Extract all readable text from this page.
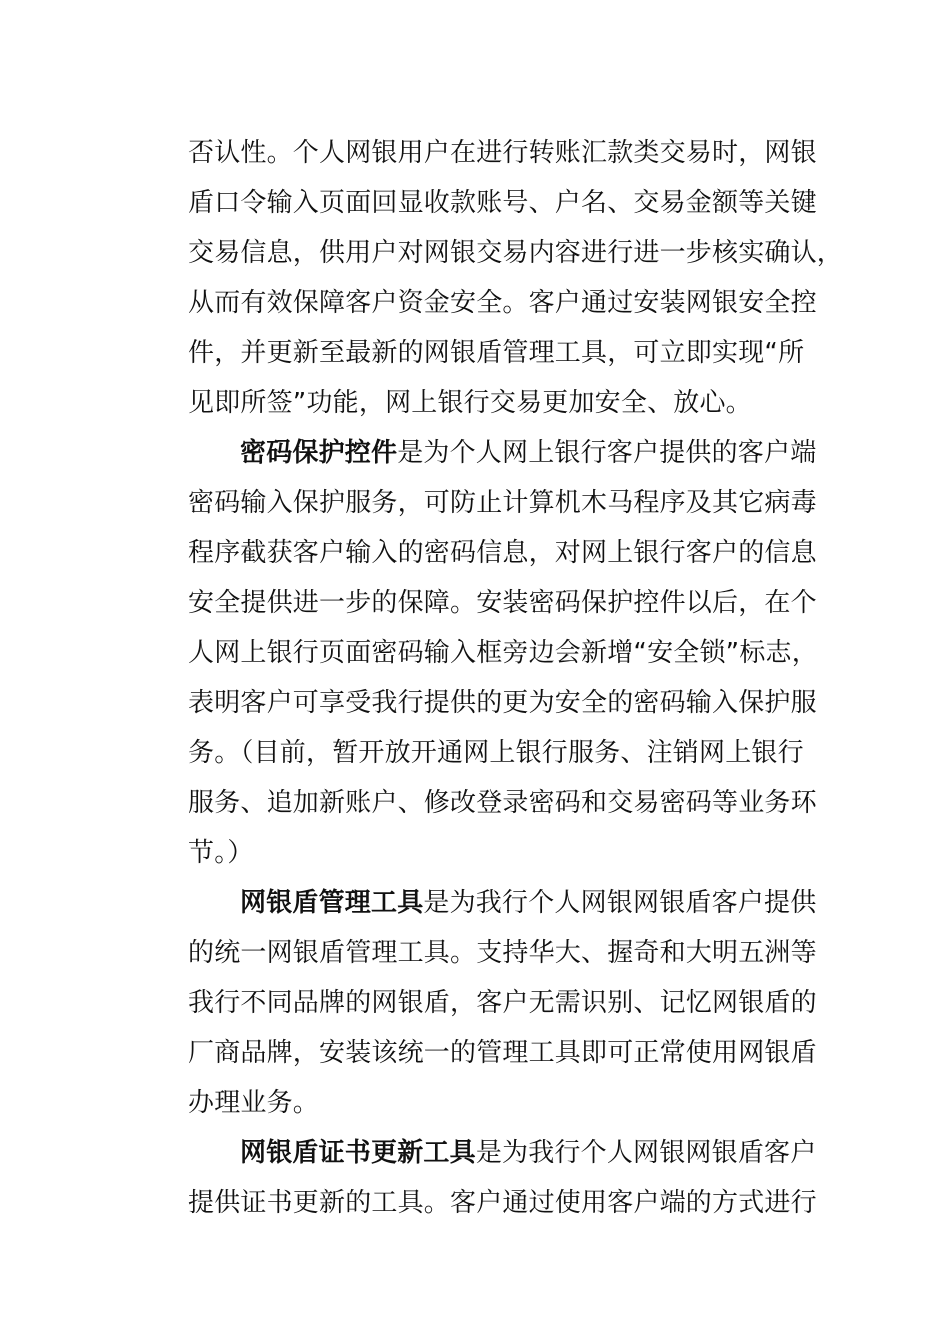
否认性。个人网银用户在进行转账汇款类交易时，网银
盾口令输入页面回显收款账号、户名、交易金额等关键
交易信息，供用户对网银交易内容进行进一步核实确认，
从而有效保障客户资金安全。客户通过安装网银安全控
件，并更新至最新的网银盾管理工具，可立即实现“所
见即所签”功能，网上银行交易更加安全、放心。
密码保护控件是为个人网上银行客户提供的客户端
密码输入保护服务，可防止计算机木马程序及其它病毒
程序截获客户输入的密码信息，对网上银行客户的信息
安全提供进一步的保障。安装密码保护控件以后，在个
人网上银行页面密码输入框旁边会新增“安全锁”标志，
表明客户可享受我行提供的更为安全的密码输入保护服
务。（目前，暂开放开通网上银行服务、注销网上银行
服务、追加新账户、修改登录密码和交易密码等业务环
节。）
网银盾管理工具是为我行个人网银网银盾客户提供
的统一网银盾管理工具。支持华大、握奇和大明五洲等
我行不同品牌的网银盾，客户无需识别、记忆网银盾的
厂商品牌，安装该统一的管理工具即可正常使用网银盾
办理业务。
网银盾证书更新工具是为我行个人网银网银盾客户
提供证书更新的工具。客户通过使用客户端的方式进行
